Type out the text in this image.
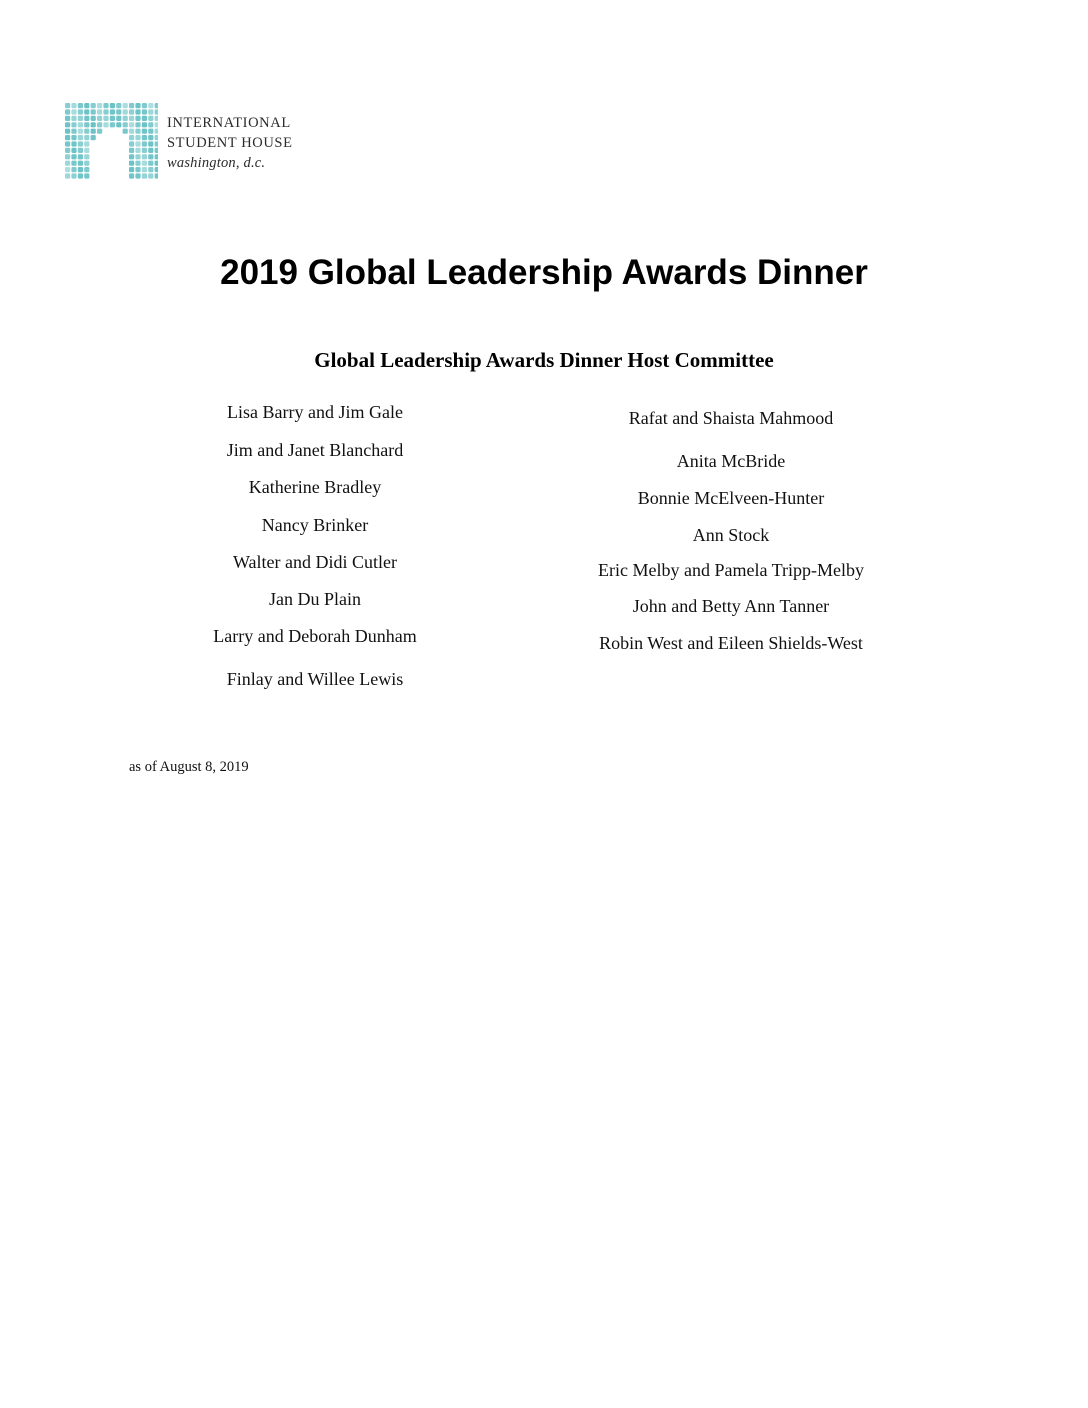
INTERNATIONAL
STUDENT HOUSE
washington, d.c.
2019 Global Leadership Awards Dinner
Global Leadership Awards Dinner Host Committee
Lisa Barry and Jim Gale
Jim and Janet Blanchard
Katherine Bradley
Nancy Brinker
Walter and Didi Cutler
Jan Du Plain
Larry and Deborah Dunham
Finlay and Willee Lewis
Rafat and Shaista Mahmood
Anita McBride
Bonnie McElveen-Hunter
Ann Stock
Eric Melby and Pamela Tripp-Melby
John and Betty Ann Tanner
Robin West and Eileen Shields-West
as of August 8, 2019
